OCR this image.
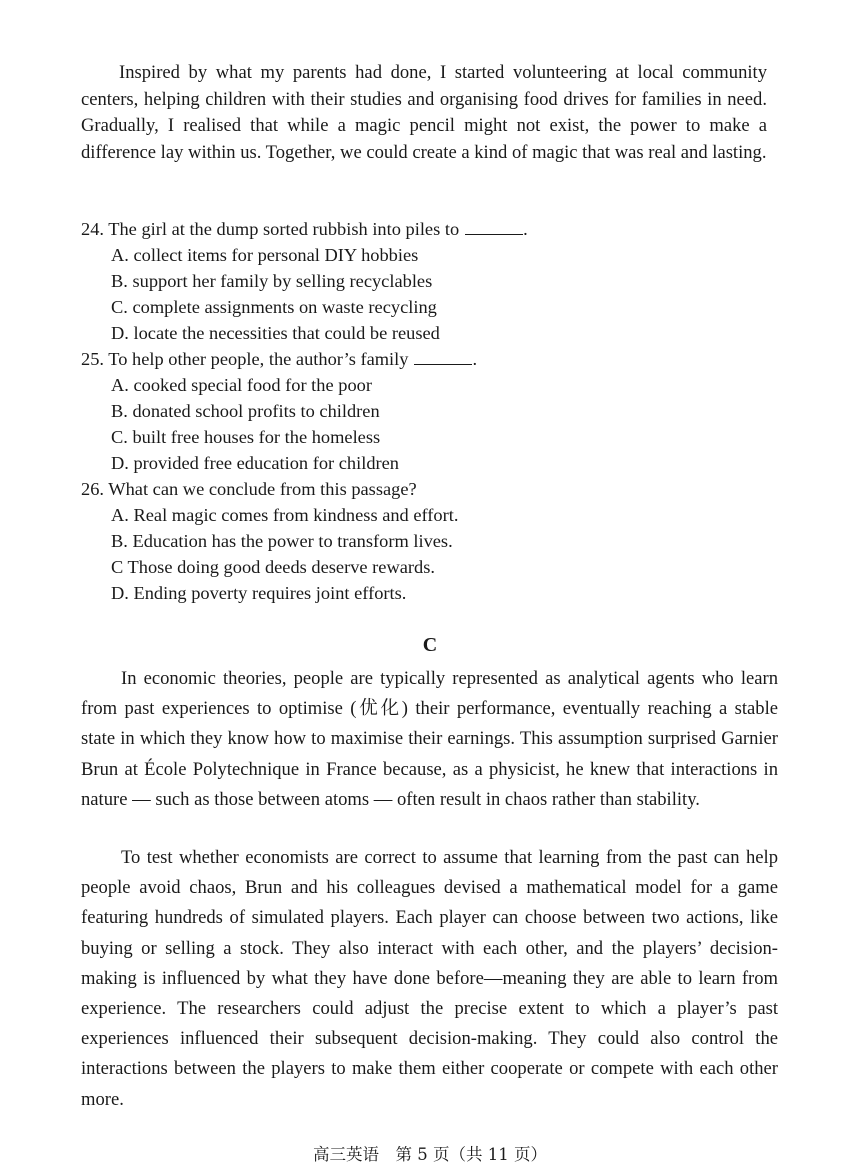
Inspired by what my parents had done, I started volunteering at local community centers, helping children with their studies and organising food drives for families in need. Gradually, I realised that while a magic pencil might not exist, the power to make a difference lay within us. Together, we could create a kind of magic that was real and lasting.

24. The girl at the dump sorted rubbish into piles to	.
A. collect items for personal DIY hobbies
B. support her family by selling recyclables
C. complete assignments on waste recycling
D. locate the necessities that could be reused
25. To help other people, the author’s family	.
A. cooked special food for the poor
B. donated school profits to children
C. built free houses for the homeless
D. provided free education for children
26. What can we conclude from this passage?
A. Real magic comes from kindness and effort.
B. Education has the power to transform lives.
C Those doing good deeds deserve rewards.
D. Ending poverty requires joint efforts.

C

In economic theories, people are typically represented as analytical agents who learn from past experiences to optimise (优化) their performance, eventually reaching a stable state in which they know how to maximise their earnings. This assumption surprised Garnier Brun at École Polytechnique in France because, as a physicist, he knew that interactions in nature — such as those between atoms — often result in chaos rather than stability.

To test whether economists are correct to assume that learning from the past can help people avoid chaos, Brun and his colleagues devised a mathematical model for a game featuring hundreds of simulated players. Each player can choose between two actions, like buying or selling a stock. They also interact with each other, and the players’ decision-making is influenced by what they have done before—meaning they are able to learn from experience. The researchers could adjust the precise extent to which a player’s past experiences influenced their subsequent decision-making. They could also control the interactions between the players to make them either cooperate or compete with each other more.

高三英语　第 5 页（共 11 页）
